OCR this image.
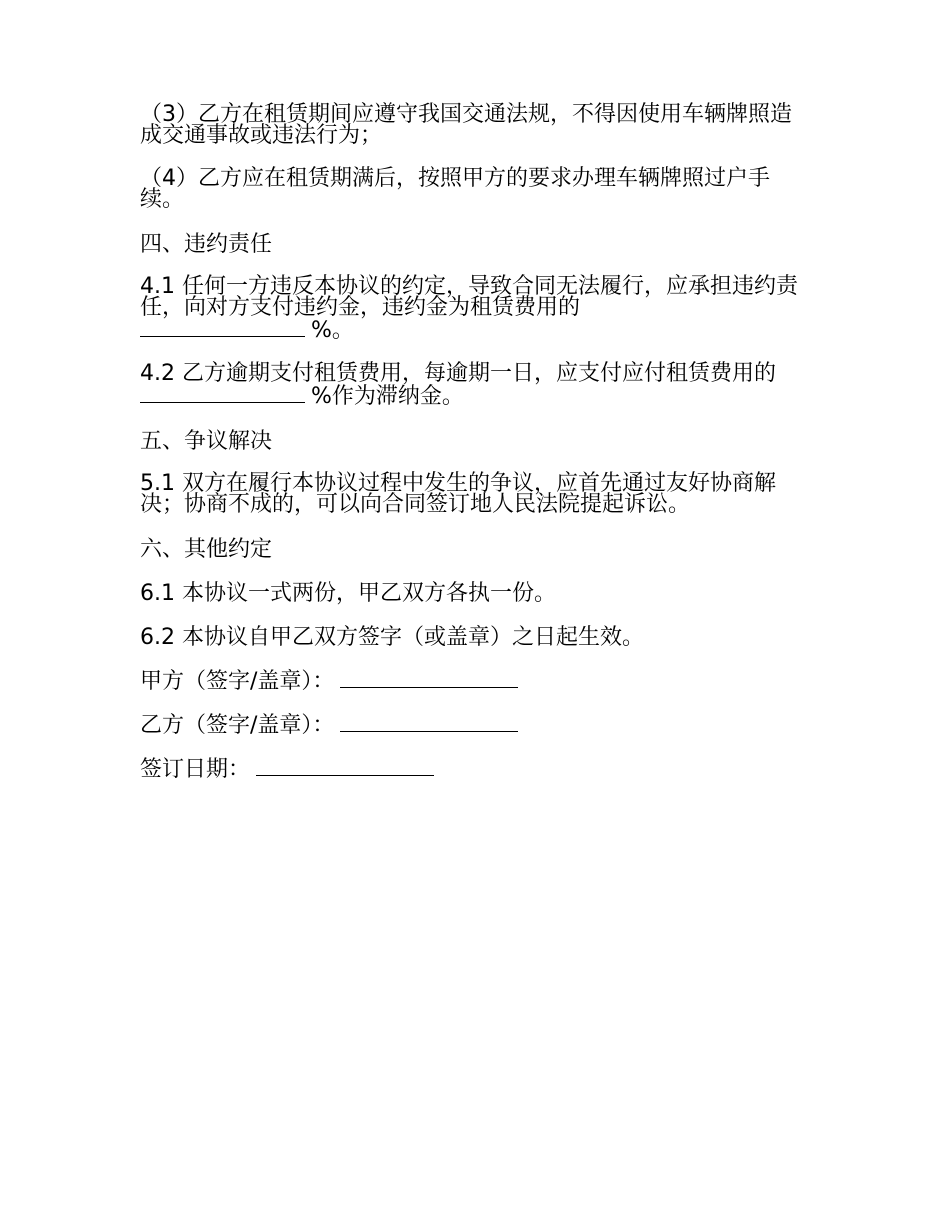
（3）乙方在租赁期间应遵守我国交通法规，不得因使用车辆牌照造成交通事故或违法行为；

（4）乙方应在租赁期满后，按照甲方的要求办理车辆牌照过户手续。

四、违约责任

4.1 任何一方违反本协议的约定，导致合同无法履行，应承担违约责任，向对方支付违约金，违约金为租赁费用的
%。

4.2 乙方逾期支付租赁费用，每逾期一日，应支付应付租赁费用的%作为滞纳金。

五、争议解决

5.1 双方在履行本协议过程中发生的争议，应首先通过友好协商解决；协商不成的，可以向合同签订地人民法院提起诉讼。

六、其他约定

6.1 本协议一式两份，甲乙双方各执一份。

6.2 本协议自甲乙双方签字（或盖章）之日起生效。

甲方（签字/盖章）：

乙方（签字/盖章）：

签订日期：
